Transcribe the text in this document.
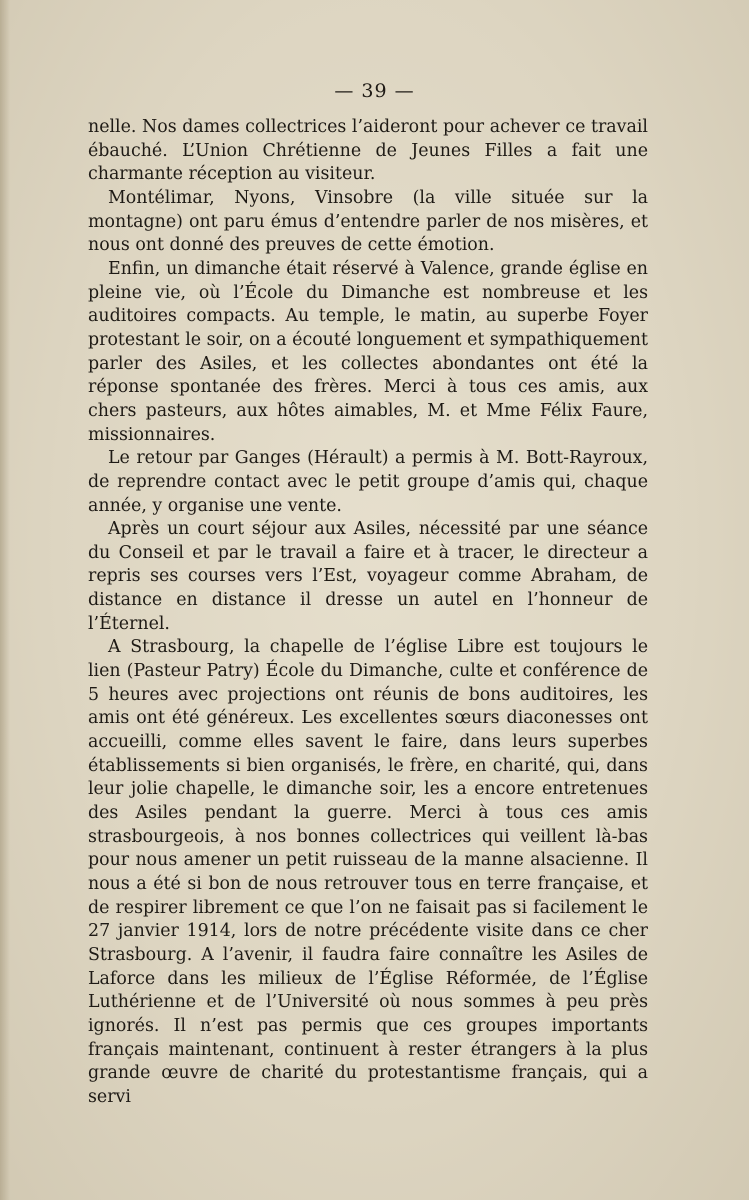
— 39 —

nelle. Nos dames collectrices l’aideront pour achever ce travail ébauché. L’Union Chrétienne de Jeunes Filles a fait une charmante réception au visiteur.

Montélimar, Nyons, Vinsobre (la ville située sur la montagne) ont paru émus d’entendre parler de nos misères, et nous ont donné des preuves de cette émotion.

Enfin, un dimanche était réservé à Valence, grande église en pleine vie, où l’École du Dimanche est nombreuse et les auditoires compacts. Au temple, le matin, au superbe Foyer protestant le soir, on a écouté longuement et sympathiquement parler des Asiles, et les collectes abondantes ont été la réponse spontanée des frères. Merci à tous ces amis, aux chers pasteurs, aux hôtes aimables, M. et Mme Félix Faure, missionnaires.

Le retour par Ganges (Hérault) a permis à M. Bott-Rayroux, de reprendre contact avec le petit groupe d’amis qui, chaque année, y organise une vente.

Après un court séjour aux Asiles, nécessité par une séance du Conseil et par le travail a faire et à tracer, le directeur a repris ses courses vers l’Est, voyageur comme Abraham, de distance en distance il dresse un autel en l’honneur de l’Éternel.

A Strasbourg, la chapelle de l’église Libre est toujours le lien (Pasteur Patry) École du Dimanche, culte et conférence de 5 heures avec projections ont réunis de bons auditoires, les amis ont été généreux. Les excellentes sœurs diaconesses ont accueilli, comme elles savent le faire, dans leurs superbes établissements si bien organisés, le frère, en charité, qui, dans leur jolie chapelle, le dimanche soir, les a encore entretenues des Asiles pendant la guerre. Merci à tous ces amis strasbourgeois, à nos bonnes collectrices qui veillent là-bas pour nous amener un petit ruisseau de la manne alsacienne. Il nous a été si bon de nous retrouver tous en terre française, et de respirer librement ce que l’on ne faisait pas si facilement le 27 janvier 1914, lors de notre précédente visite dans ce cher Strasbourg. A l’avenir, il faudra faire connaître les Asiles de Laforce dans les milieux de l’Église Réformée, de l’Église Luthérienne et de l’Université où nous sommes à peu près ignorés. Il n’est pas permis que ces groupes importants français maintenant, continuent à rester étrangers à la plus grande œuvre de charité du protestantisme français, qui a servi
